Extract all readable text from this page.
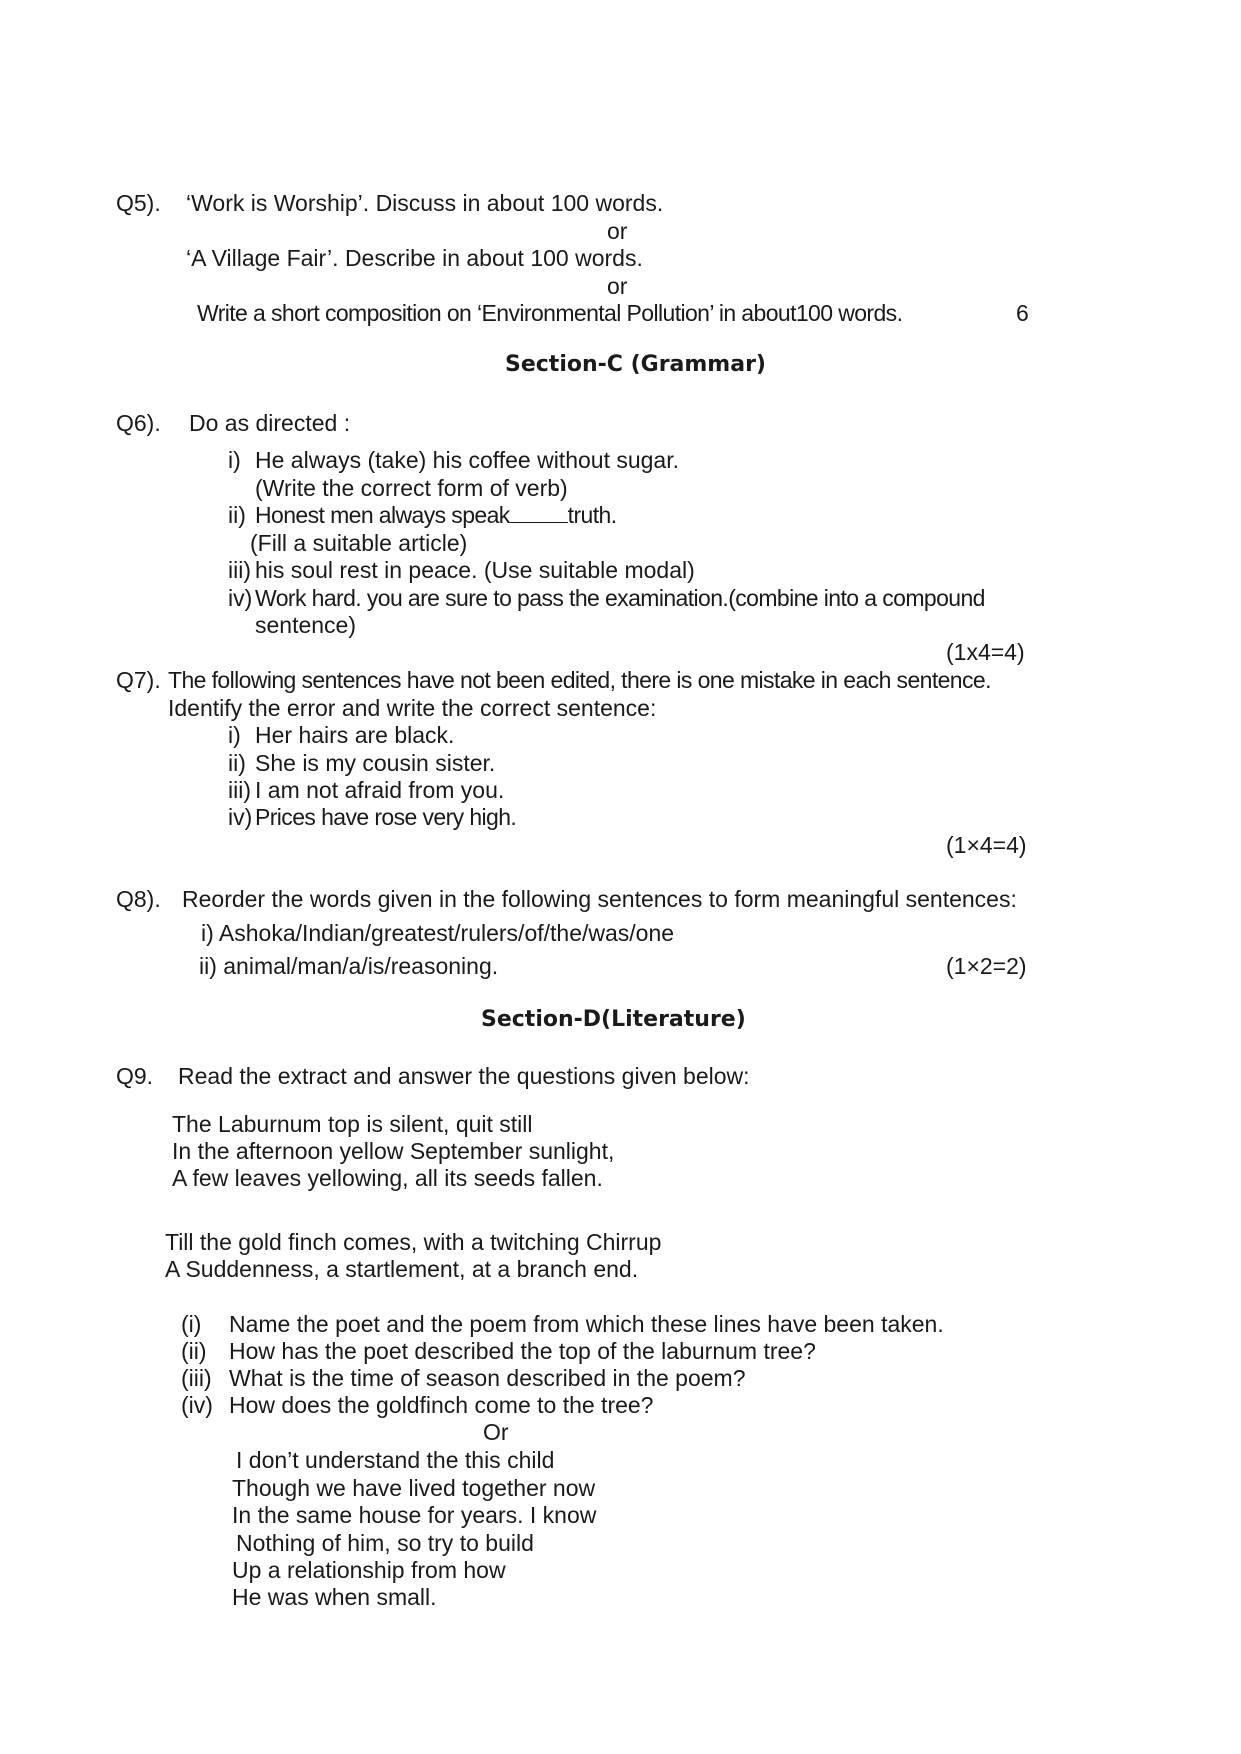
Q5). ‘Work is Worship’. Discuss in about 100 words.
or
‘A Village Fair’. Describe in about 100 words.
or
Write a short composition on ‘Environmental Pollution’ in about100 words.	6
Section-C (Grammar)
Q6). Do as directed :
i) He always (take) his coffee without sugar.
(Write the correct form of verb)
ii) Honest men always speak	truth.
(Fill a suitable article)
iii) his soul rest in peace. (Use suitable modal)
iv) Work hard. you are sure to pass the examination.(combine into a compound
sentence)
(1x4=4)
Q7). The following sentences have not been edited, there is one mistake in each sentence.
Identify the error and write the correct sentence:
i) Her hairs are black.
ii) She is my cousin sister.
iii) I am not afraid from you.
iv) Prices have rose very high.
(1×4=4)
Q8). Reorder the words given in the following sentences to form meaningful sentences:
i) Ashoka/Indian/greatest/rulers/of/the/was/one
ii) animal/man/a/is/reasoning.	(1×2=2)
Section-D(Literature)
Q9. Read the extract and answer the questions given below:
The Laburnum top is silent, quit still
In the afternoon yellow September sunlight,
A few leaves yellowing, all its seeds fallen.
Till the gold finch comes, with a twitching Chirrup
A Suddenness, a startlement, at a branch end.
(i) Name the poet and the poem from which these lines have been taken.
(ii) How has the poet described the top of the laburnum tree?
(iii) What is the time of season described in the poem?
(iv) How does the goldfinch come to the tree?
Or
I don’t understand the this child
Though we have lived together now
In the same house for years. I know
Nothing of him, so try to build
Up a relationship from how
He was when small.
